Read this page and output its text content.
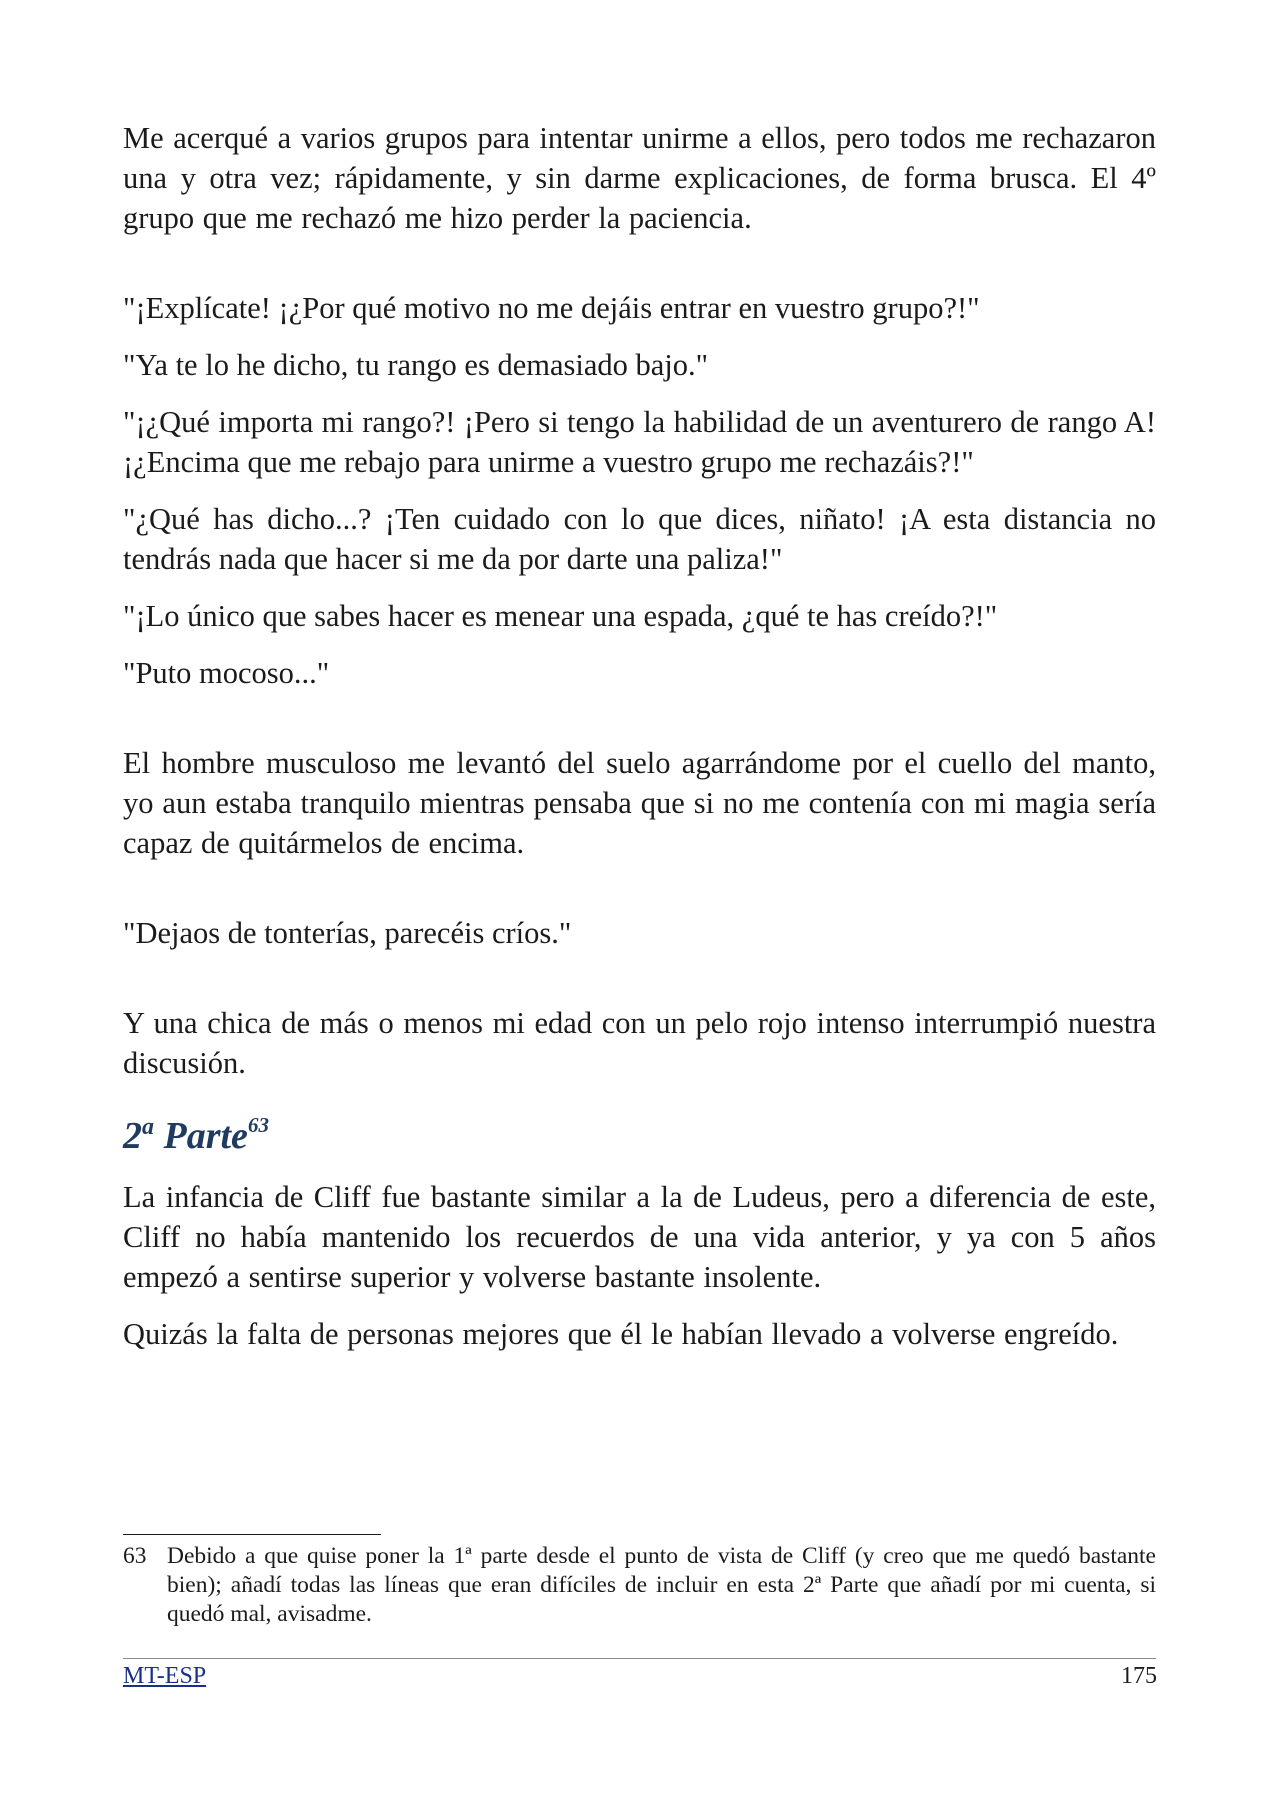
Me acerqué a varios grupos para intentar unirme a ellos, pero todos me rechazaron una y otra vez; rápidamente, y sin darme explicaciones, de forma brusca. El 4º grupo que me rechazó me hizo perder la paciencia.

"¡Explícate! ¡¿Por qué motivo no me dejáis entrar en vuestro grupo?!"

"Ya te lo he dicho, tu rango es demasiado bajo."

"¡¿Qué importa mi rango?! ¡Pero si tengo la habilidad de un aventurero de rango A! ¡¿Encima que me rebajo para unirme a vuestro grupo me rechazáis?!"

"¿Qué has dicho...? ¡Ten cuidado con lo que dices, niñato! ¡A esta distancia no tendrás nada que hacer si me da por darte una paliza!"

"¡Lo único que sabes hacer es menear una espada, ¿qué te has creído?!"

"Puto mocoso..."

El hombre musculoso me levantó del suelo agarrándome por el cuello del manto, yo aun estaba tranquilo mientras pensaba que si no me contenía con mi magia sería capaz de quitármelos de encima.

"Dejaos de tonterías, parecéis críos."

Y una chica de más o menos mi edad con un pelo rojo intenso interrumpió nuestra discusión.

2$^a$ Parte$^{63}$

La infancia de Cliff fue bastante similar a la de Ludeus, pero a diferencia de este, Cliff no había mantenido los recuerdos de una vida anterior, y ya con 5 años empezó a sentirse superior y volverse bastante insolente.

Quizás la falta de personas mejores que él le habían llevado a volverse engreído.

63 Debido a que quise poner la 1ª parte desde el punto de vista de Cliff (y creo que me quedó bastante bien); añadí todas las líneas que eran difíciles de incluir en esta 2ª Parte que añadí por mi cuenta, si quedó mal, avisadme.
MT-ESP	175
